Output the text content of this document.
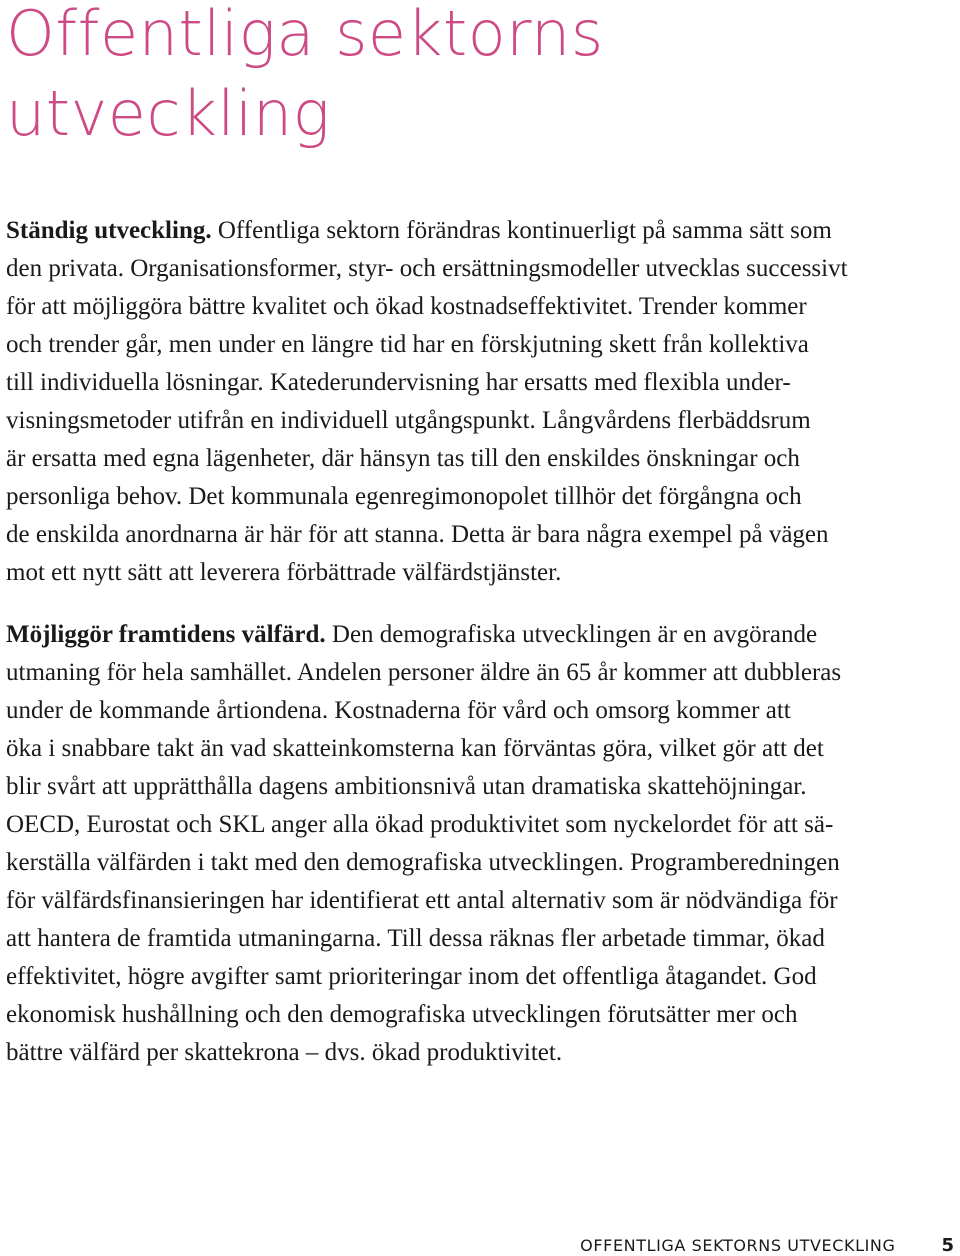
Offentliga sektorns
utveckling

Ständig utveckling. Offentliga sektorn förändras kontinuerligt på samma sätt som
den privata. Organisationsformer, styr- och ersättningsmodeller utvecklas successivt
för att möjliggöra bättre kvalitet och ökad kostnadseffektivitet. Trender kommer
och trender går, men under en längre tid har en förskjutning skett från kollektiva
till individuella lösningar. Katederundervisning har ersatts med flexibla under-
visningsmetoder utifrån en individuell utgångspunkt. Långvårdens flerbäddsrum
är ersatta med egna lägenheter, där hänsyn tas till den enskildes önskningar och
personliga behov. Det kommunala egenregimonopolet tillhör det förgångna och
de enskilda anordnarna är här för att stanna. Detta är bara några exempel på vägen
mot ett nytt sätt att leverera förbättrade välfärdstjänster.

Möjliggör framtidens välfärd. Den demografiska utvecklingen är en avgörande
utmaning för hela samhället. Andelen personer äldre än 65 år kommer att dubbleras
under de kommande årtiondena. Kostnaderna för vård och omsorg kommer att
öka i snabbare takt än vad skatteinkomsterna kan förväntas göra, vilket gör att det
blir svårt att upprätthålla dagens ambitionsnivå utan dramatiska skattehöjningar.
OECD, Eurostat och SKL anger alla ökad produktivitet som nyckelordet för att sä-
kerställa välfärden i takt med den demografiska utvecklingen. Programberedningen
för välfärdsfinansieringen har identifierat ett antal alternativ som är nödvändiga för
att hantera de framtida utmaningarna. Till dessa räknas fler arbetade timmar, ökad
effektivitet, högre avgifter samt prioriteringar inom det offentliga åtagandet. God
ekonomisk hushållning och den demografiska utvecklingen förutsätter mer och
bättre välfärd per skattekrona – dvs. ökad produktivitet.

OFFENTLIGA SEKTORNS UTVECKLING	5
